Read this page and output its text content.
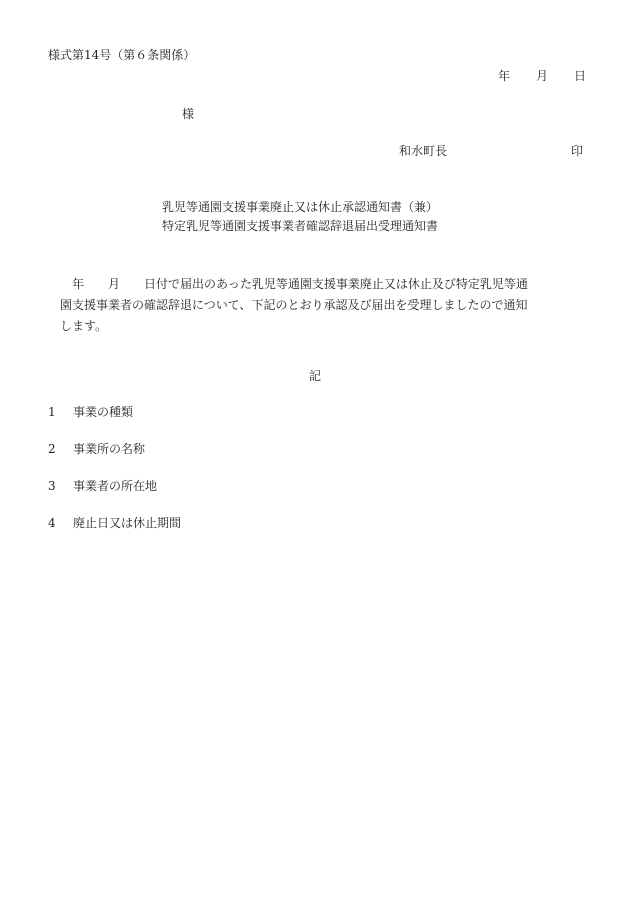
様式第14号（第６条関係）
年 月 日
様
和水町長	印
乳児等通園支援事業廃止又は休止承認通知書（兼）
特定乳児等通園支援事業者確認辞退届出受理通知書
年　　月　　日付で届出のあった乳児等通園支援事業廃止又は休止及び特定乳児等通
園支援事業者の確認辞退について、下記のとおり承認及び届出を受理しましたので通知
します。
記
1 事業の種類
2 事業所の名称
3 事業者の所在地
4 廃止日又は休止期間
